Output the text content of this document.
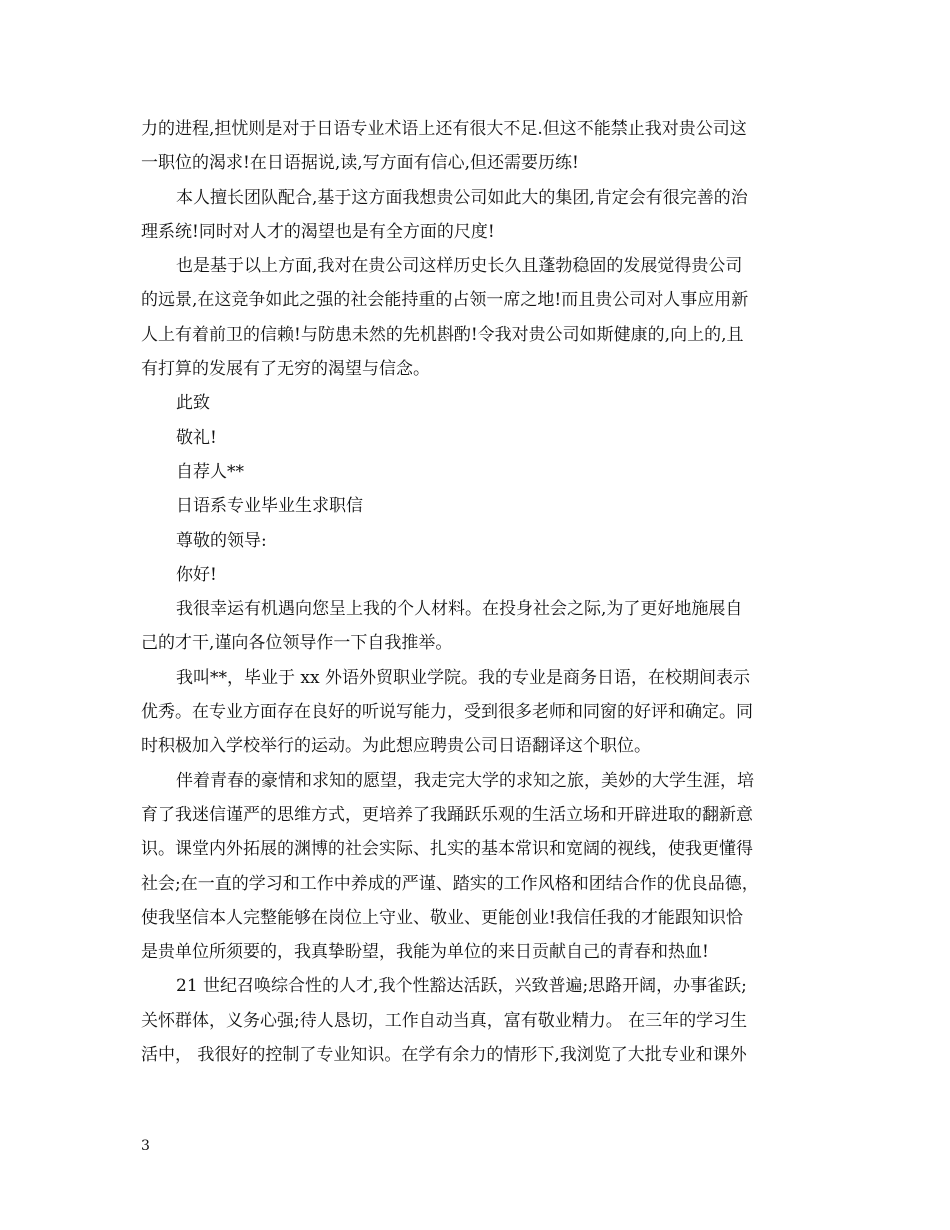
力的进程,担忧则是对于日语专业术语上还有很大不足.但这不能禁止我对贵公司这
一职位的渴求!在日语据说,读,写方面有信心,但还需要历练!
本人擅长团队配合,基于这方面我想贵公司如此大的集团,肯定会有很完善的治
理系统!同时对人才的渴望也是有全方面的尺度!
也是基于以上方面,我对在贵公司这样历史长久且蓬勃稳固的发展觉得贵公司
的远景,在这竞争如此之强的社会能持重的占领一席之地!而且贵公司对人事应用新
人上有着前卫的信赖!与防患未然的先机斟酌!令我对贵公司如斯健康的,向上的,且
有打算的发展有了无穷的渴望与信念。
此致
敬礼!
自荐人**
日语系专业毕业生求职信
尊敬的领导:
你好!
我很幸运有机遇向您呈上我的个人材料。在投身社会之际,为了更好地施展自
己的才干,谨向各位领导作一下自我推举。
我叫**，毕业于 xx 外语外贸职业学院。我的专业是商务日语，在校期间表示
优秀。在专业方面存在良好的听说写能力，受到很多老师和同窗的好评和确定。同
时积极加入学校举行的运动。为此想应聘贵公司日语翻译这个职位。
伴着青春的豪情和求知的愿望，我走完大学的求知之旅，美妙的大学生涯，培
育了我迷信谨严的思维方式，更培养了我踊跃乐观的生活立场和开辟进取的翻新意
识。课堂内外拓展的渊博的社会实际、扎实的基本常识和宽阔的视线，使我更懂得
社会;在一直的学习和工作中养成的严谨、踏实的工作风格和团结合作的优良品德，
使我坚信本人完整能够在岗位上守业、敬业、更能创业!我信任我的才能跟知识恰
是贵单位所须要的，我真挚盼望，我能为单位的来日贡献自己的青春和热血!
21 世纪召唤综合性的人才,我个性豁达活跃，兴致普遍;思路开阔，办事雀跃;
关怀群体，义务心强;待人恳切，工作自动当真，富有敬业精力。 在三年的学习生
活中， 我很好的控制了专业知识。在学有余力的情形下,我浏览了大批专业和课外
3
